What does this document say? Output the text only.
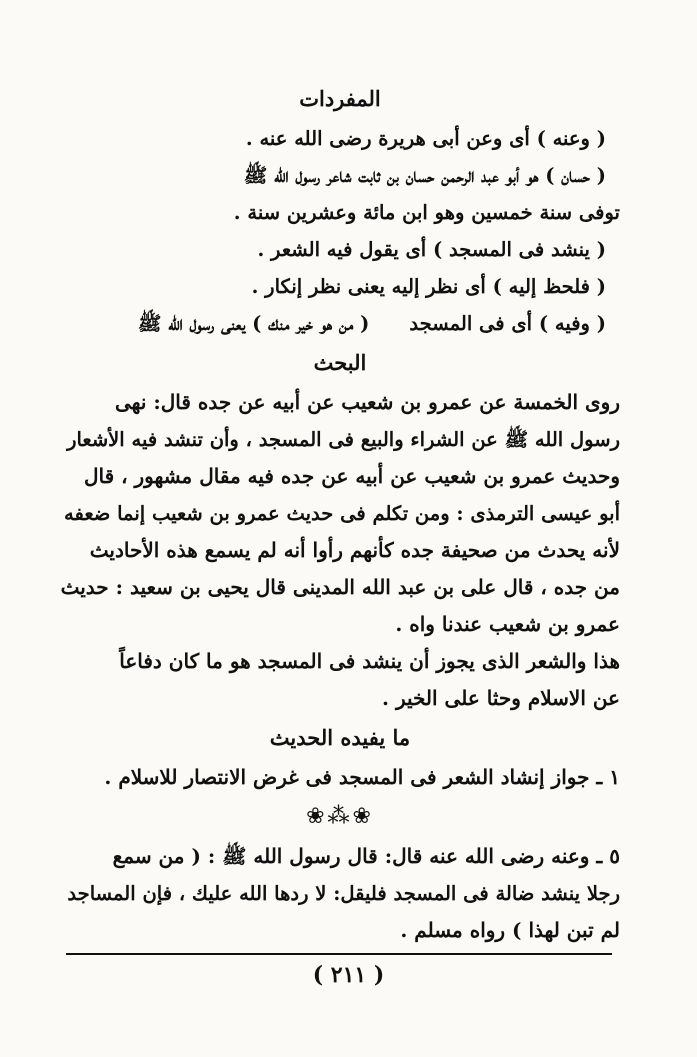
المفردات
( وعنه ) أى وعن أبى هريرة رضى الله عنه .
( حسان ) هو أبو عبد الرحمن حسان بن ثابت شاعر رسول الله ﷺ
توفى سنة خمسين وهو ابن مائة وعشرين سنة .
( ينشد فى المسجد ) أى يقول فيه الشعر .
( فلحظ إليه ) أى نظر إليه يعنى نظر إنكار .
( وفيه ) أى فى المسجد( من هو خير منك ) يعنى رسول الله ﷺ
البحث
روى الخمسة عن عمرو بن شعيب عن أبيه عن جده قال: نهى
رسول الله ﷺ عن الشراء والبيع فى المسجد ، وأن تنشد فيه الأشعار
وحديث عمرو بن شعيب عن أبيه عن جده فيه مقال مشهور ، قال
أبو عيسى الترمذى : ومن تكلم فى حديث عمرو بن شعيب إنما ضعفه
لأنه يحدث من صحيفة جده كأنهم رأوا أنه لم يسمع هذه الأحاديث
من جده ، قال على بن عبد الله المدينى قال يحيى بن سعيد : حديث
عمرو بن شعيب عندنا واه .
هذا والشعر الذى يجوز أن ينشد فى المسجد هو ما كان دفاعاً
عن الاسلام وحثا على الخير .
ما يفيده الحديث
١ ـ جواز إنشاد الشعر فى المسجد فى غرض الانتصار للاسلام .
❀⁂❀
٥ ـ وعنه رضى الله عنه قال: قال رسول الله ﷺ : ( من سمع
رجلا ينشد ضالة فى المسجد فليقل: لا ردها الله عليك ، فإن المساجد
لم تبن لهذا ) رواه مسلم .
( ٢١١ )
